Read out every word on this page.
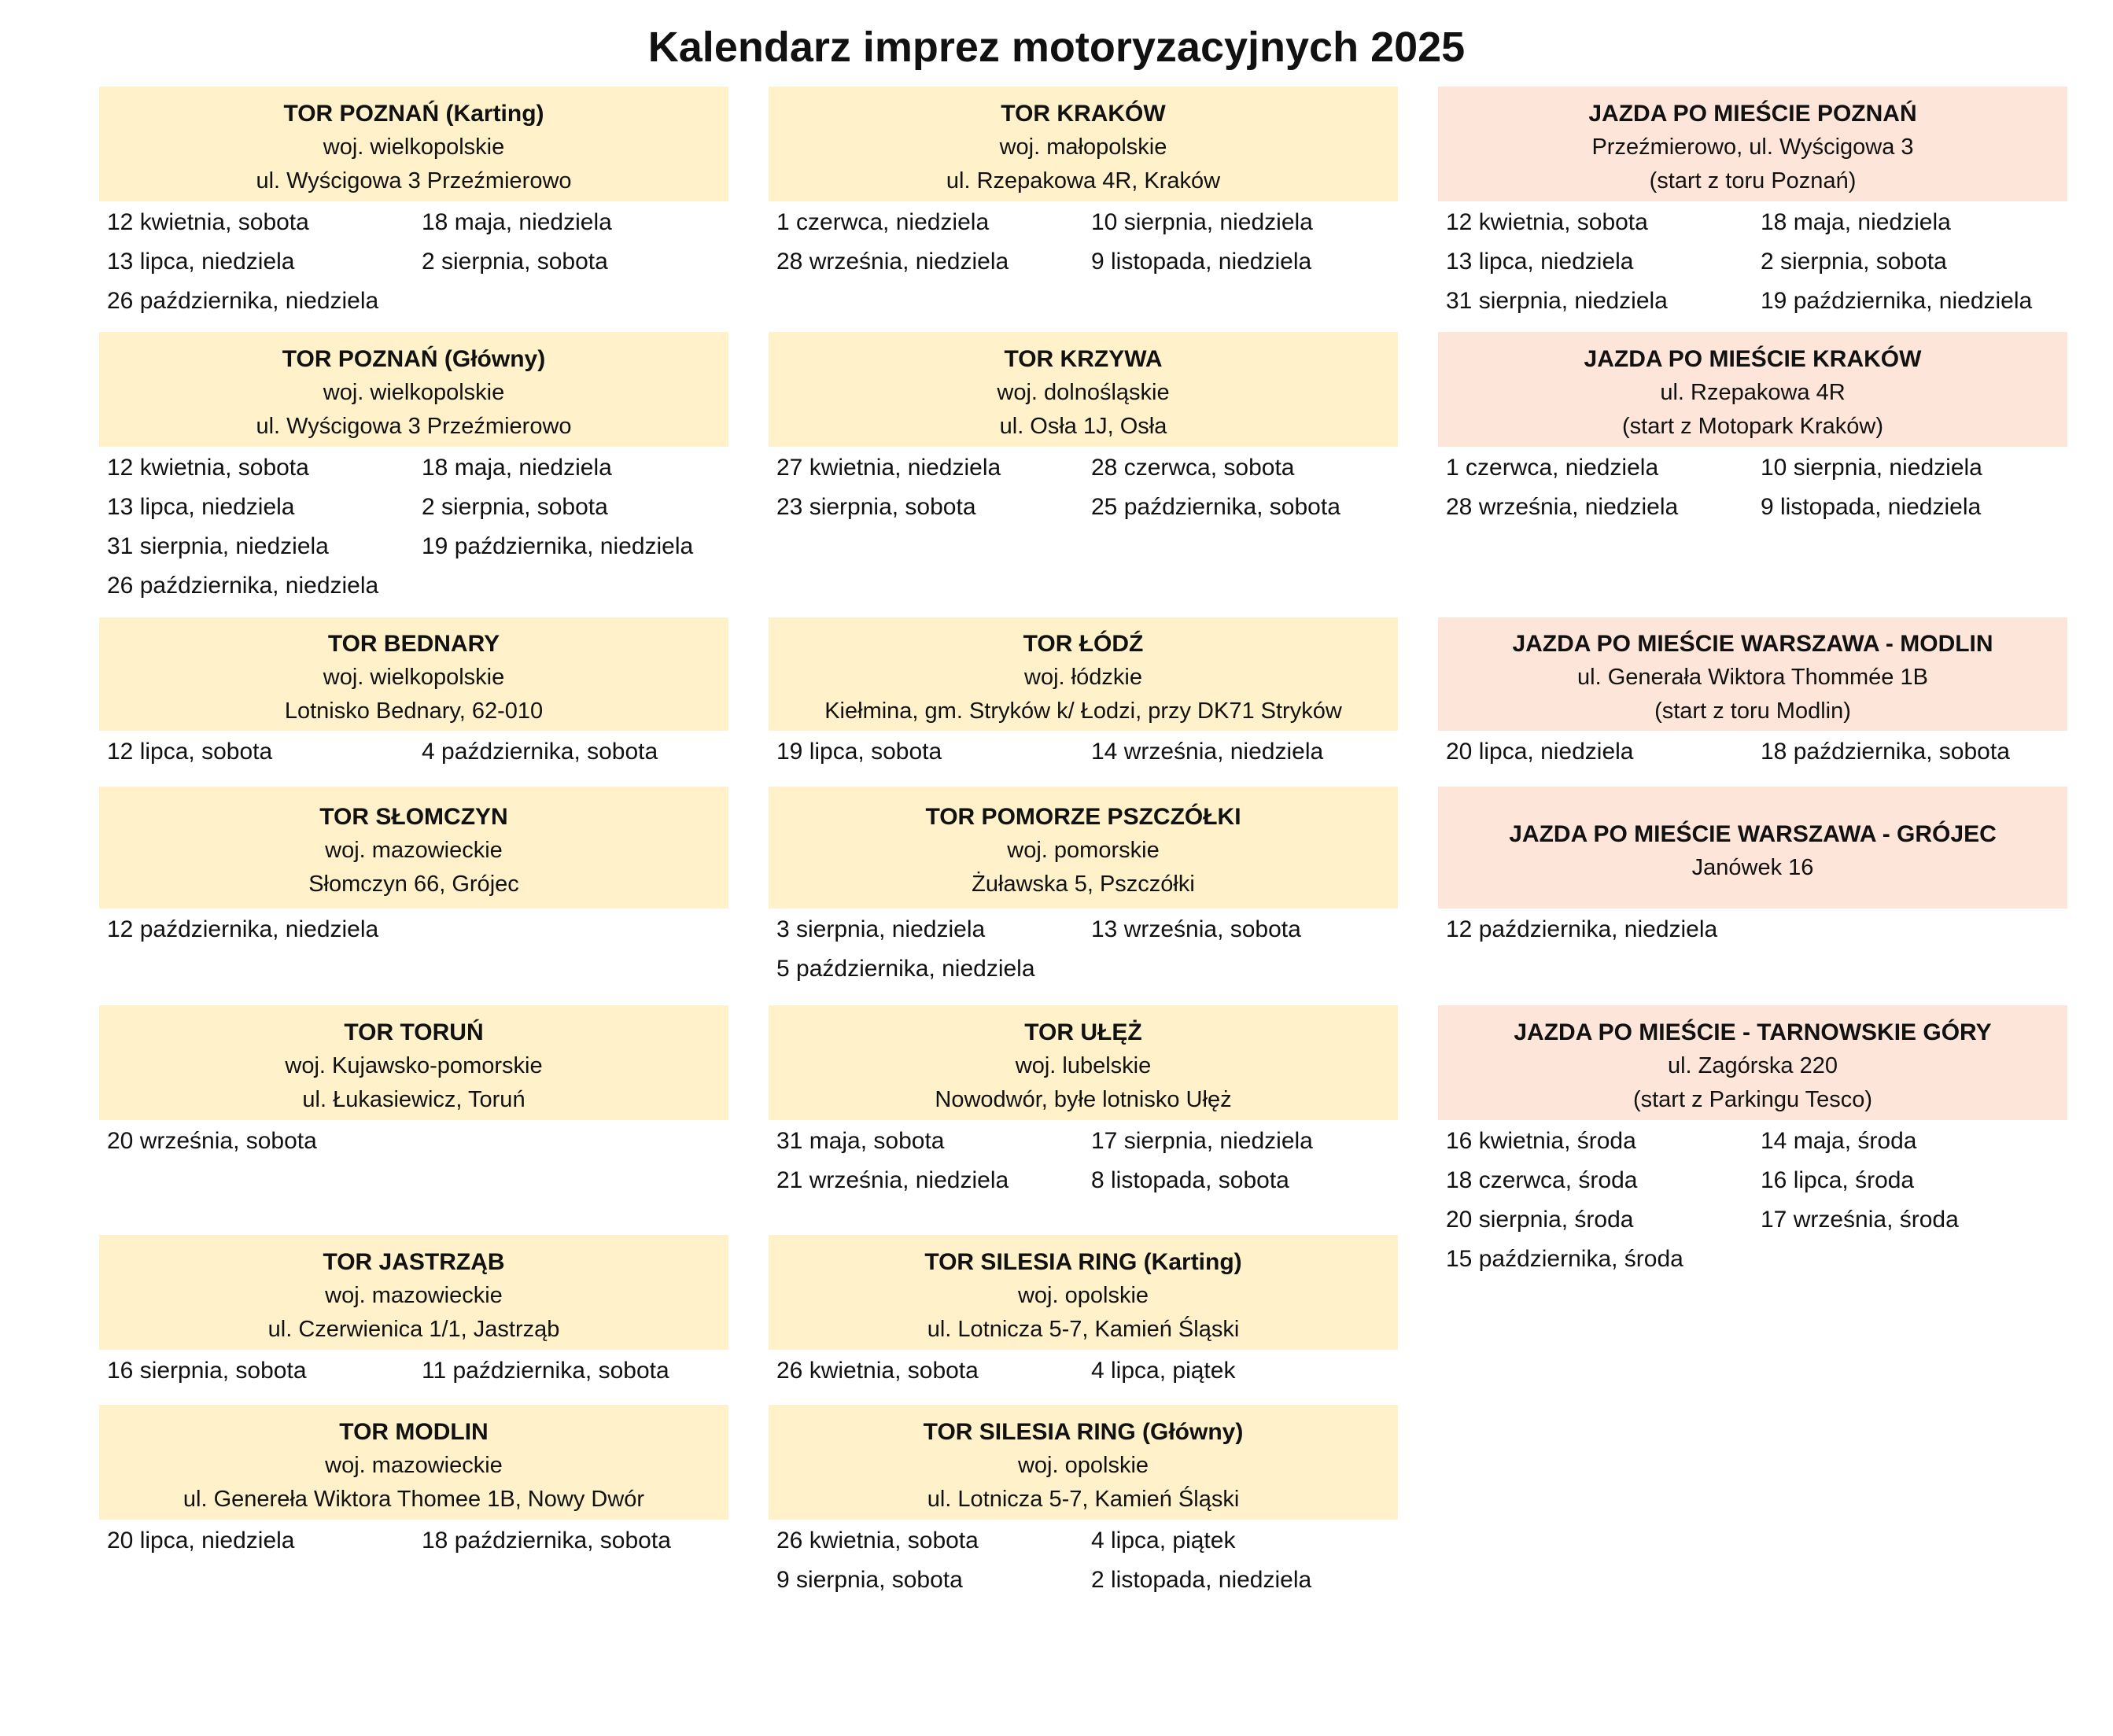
Kalendarz imprez motoryzacyjnych 2025
TOR POZNAŃ (Karting)
woj. wielkopolskie
ul. Wyścigowa 3 Przeźmierowo
12 kwietnia, sobota	18 maja, niedziela
13 lipca, niedziela	2 sierpnia, sobota
26 października, niedziela
TOR POZNAŃ (Główny)
woj. wielkopolskie
ul. Wyścigowa 3 Przeźmierowo
12 kwietnia, sobota	18 maja, niedziela
13 lipca, niedziela	2 sierpnia, sobota
31 sierpnia, niedziela	19 października, niedziela
26 października, niedziela
TOR BEDNARY
woj. wielkopolskie
Lotnisko Bednary, 62-010
12 lipca, sobota	4 października, sobota
TOR SŁOMCZYN
woj. mazowieckie
Słomczyn 66, Grójec
12 października, niedziela
TOR TORUŃ
woj. Kujawsko-pomorskie
ul. Łukasiewicz, Toruń
20 września, sobota
TOR JASTRZĄB
woj. mazowieckie
ul. Czerwienica 1/1, Jastrząb
16 sierpnia, sobota	11 października, sobota
TOR MODLIN
woj. mazowieckie
ul. Genereła Wiktora Thomee 1B, Nowy Dwór
20 lipca, niedziela	18 października, sobota
TOR KRAKÓW
woj. małopolskie
ul. Rzepakowa 4R, Kraków
1 czerwca, niedziela	10 sierpnia, niedziela
28 września, niedziela	9 listopada, niedziela
TOR KRZYWA
woj. dolnośląskie
ul. Osła 1J, Osła
27 kwietnia, niedziela	28 czerwca, sobota
23 sierpnia, sobota	25 października, sobota
TOR ŁÓDŹ
woj. łódzkie
Kiełmina, gm. Stryków k/ Łodzi, przy DK71 Stryków
19 lipca, sobota	14 września, niedziela
TOR POMORZE PSZCZÓŁKI
woj. pomorskie
Żuławska 5, Pszczółki
3 sierpnia, niedziela	13 września, sobota
5 października, niedziela
TOR UŁĘŻ
woj. lubelskie
Nowodwór, byłe lotnisko Ułęż
31 maja, sobota	17 sierpnia, niedziela
21 września, niedziela	8 listopada, sobota
TOR SILESIA RING (Karting)
woj. opolskie
ul. Lotnicza 5-7, Kamień Śląski
26 kwietnia, sobota	4 lipca, piątek
TOR SILESIA RING (Główny)
woj. opolskie
ul. Lotnicza 5-7, Kamień Śląski
26 kwietnia, sobota	4 lipca, piątek
9 sierpnia, sobota	2 listopada, niedziela
JAZDA PO MIEŚCIE POZNAŃ
Przeźmierowo, ul. Wyścigowa 3
(start z toru Poznań)
12 kwietnia, sobota	18 maja, niedziela
13 lipca, niedziela	2 sierpnia, sobota
31 sierpnia, niedziela	19 października, niedziela
JAZDA PO MIEŚCIE KRAKÓW
ul. Rzepakowa 4R
(start z Motopark Kraków)
1 czerwca, niedziela	10 sierpnia, niedziela
28 września, niedziela	9 listopada, niedziela
JAZDA PO MIEŚCIE WARSZAWA - MODLIN
ul. Generała Wiktora Thommée 1B
(start z toru Modlin)
20 lipca, niedziela	18 października, sobota
JAZDA PO MIEŚCIE WARSZAWA - GRÓJEC
Janówek 16
12 października, niedziela
JAZDA PO MIEŚCIE - TARNOWSKIE GÓRY
ul. Zagórska 220
(start z Parkingu Tesco)
16 kwietnia, środa	14 maja, środa
18 czerwca, środa	16 lipca, środa
20 sierpnia, środa	17 września, środa
15 października, środa
